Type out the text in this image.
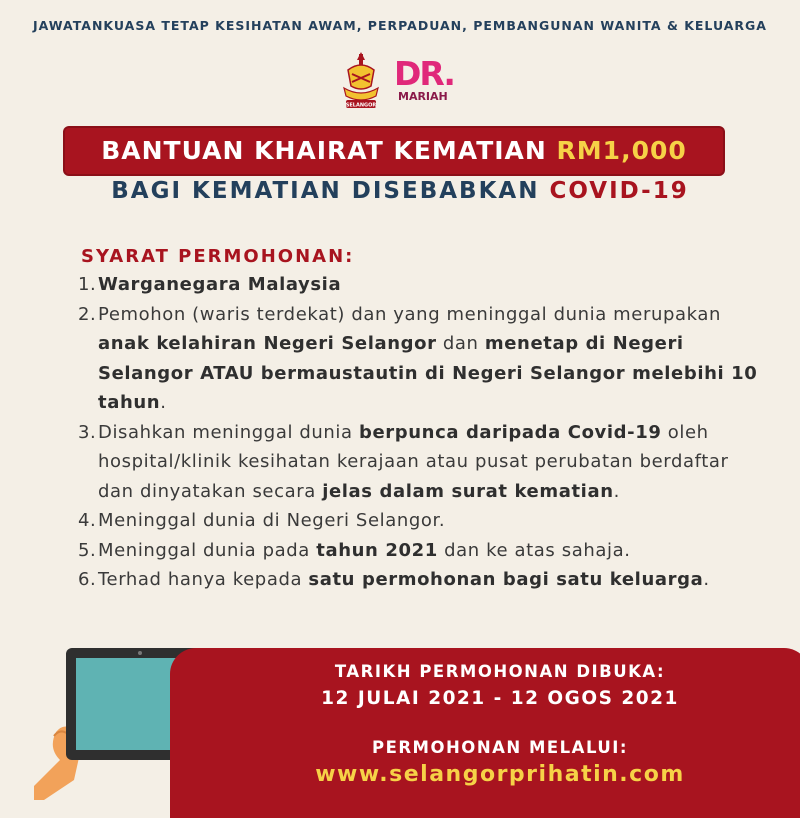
JAWATANKUASA TETAP KESIHATAN AWAM, PERPADUAN, PEMBANGUNAN WANITA & KELUARGA
SELANGOR
DR.
MARIAH
BANTUAN KHAIRAT KEMATIAN RM1,000
BAGI KEMATIAN DISEBABKAN COVID-19
SYARAT PERMOHONAN:
1. Warganegara Malaysia
2. Pemohon (waris terdekat) dan yang meninggal dunia merupakan anak kelahiran Negeri Selangor dan menetap di Negeri Selangor ATAU bermaustautin di Negeri Selangor melebihi 10 tahun.
3. Disahkan meninggal dunia berpunca daripada Covid-19 oleh hospital/klinik kesihatan kerajaan atau pusat perubatan berdaftar dan dinyatakan secara jelas dalam surat kematian.
4. Meninggal dunia di Negeri Selangor.
5. Meninggal dunia pada tahun 2021 dan ke atas sahaja.
6. Terhad hanya kepada satu permohonan bagi satu keluarga.
TARIKH PERMOHONAN DIBUKA:
12 JULAI 2021 - 12 OGOS 2021
PERMOHONAN MELALUI:
www.selangorprihatin.com
